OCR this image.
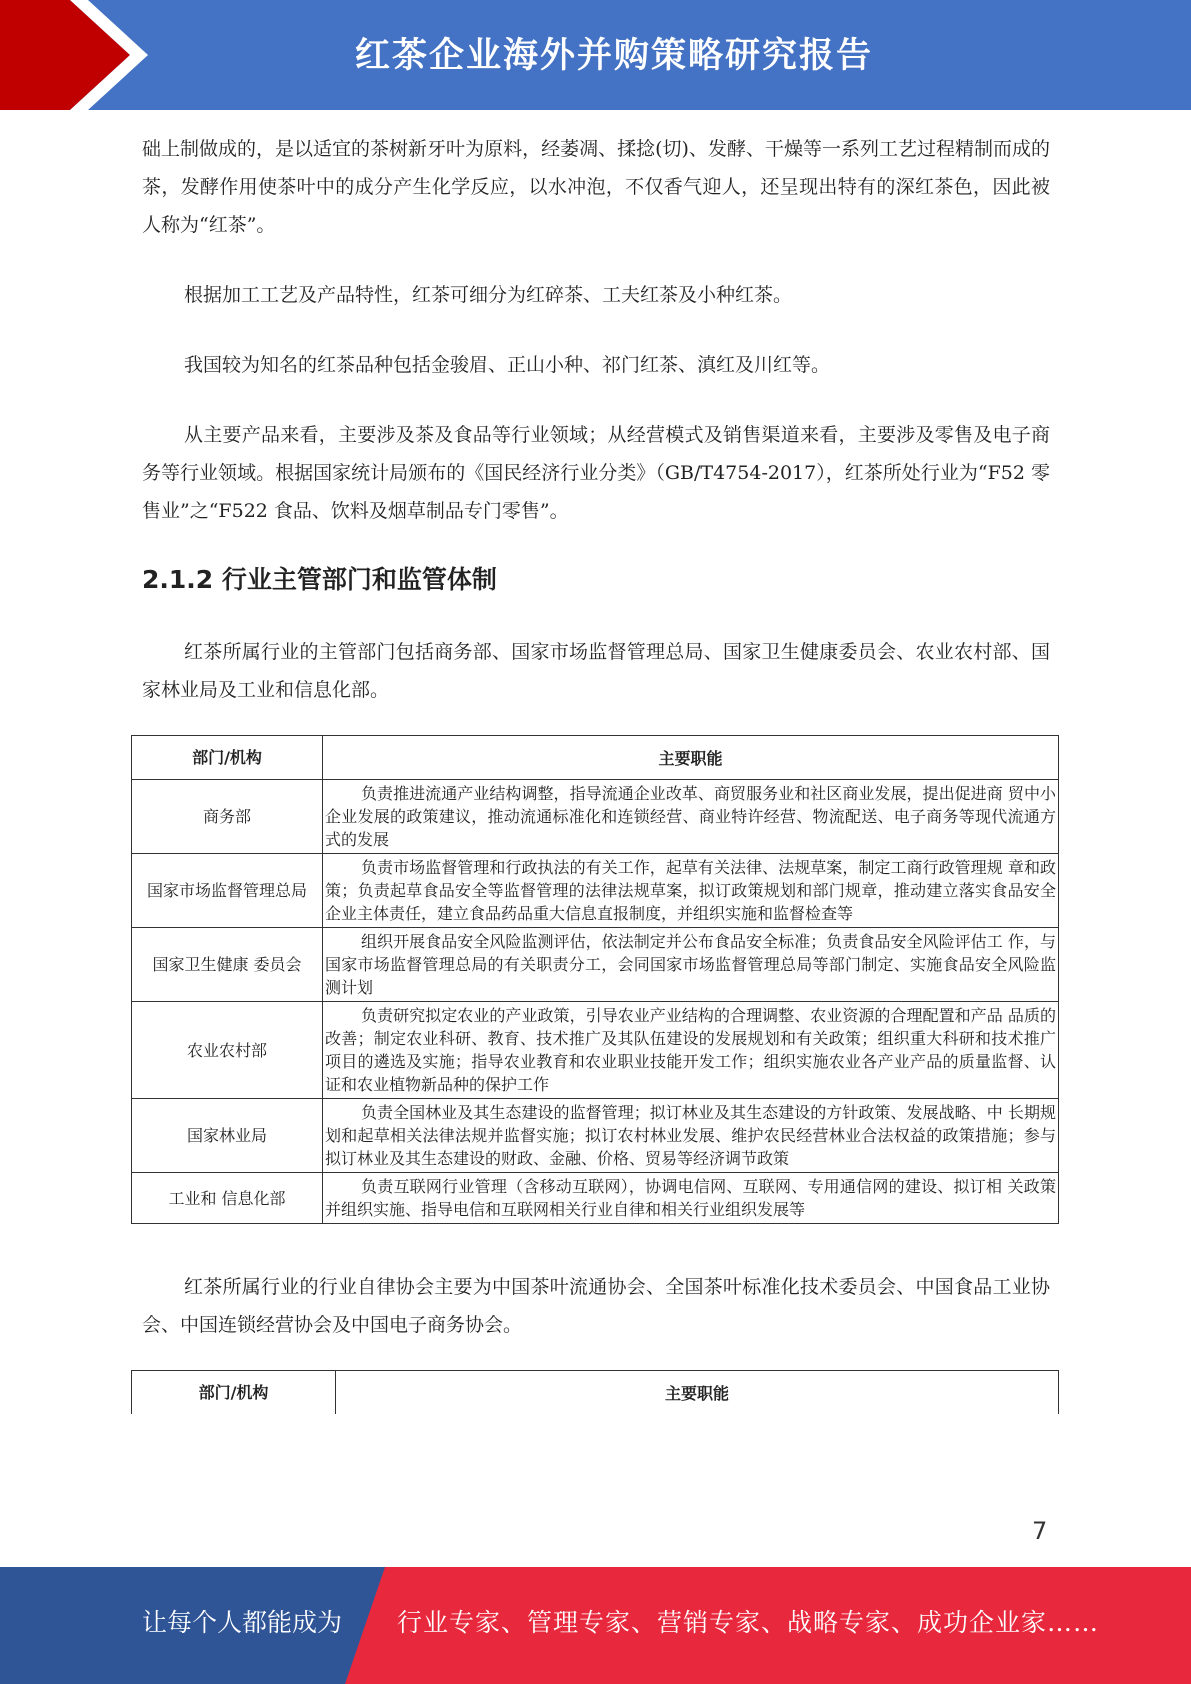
红茶企业海外并购策略研究报告

础上制做成的，是以适宜的茶树新牙叶为原料，经萎凋、揉捻(切)、发酵、干燥等一系列工艺过程精制而成的茶，发酵作用使茶叶中的成分产生化学反应，以水冲泡，不仅香气迎人，还呈现出特有的深红茶色，因此被人称为“红茶”。

根据加工工艺及产品特性，红茶可细分为红碎茶、工夫红茶及小种红茶。

我国较为知名的红茶品种包括金骏眉、正山小种、祁门红茶、滇红及川红等。

从主要产品来看，主要涉及茶及食品等行业领域；从经营模式及销售渠道来看，主要涉及零售及电子商务等行业领域。根据国家统计局颁布的《国民经济行业分类》（GB/T4754-2017），红茶所处行业为“F52 零售业”之“F522 食品、饮料及烟草制品专门零售”。

2.1.2 行业主管部门和监管体制

红茶所属行业的主管部门包括商务部、国家市场监督管理总局、国家卫生健康委员会、农业农村部、国家林业局及工业和信息化部。

部门/机构	主要职能
商务部	负责推进流通产业结构调整，指导流通企业改革、商贸服务业和社区商业发展，提出促进商 贸中小企业发展的政策建议，推动流通标准化和连锁经营、商业特许经营、物流配送、电子商务等现代流通方式的发展
国家市场监督管理总局	负责市场监督管理和行政执法的有关工作，起草有关法律、法规草案，制定工商行政管理规 章和政策；负责起草食品安全等监督管理的法律法规草案，拟订政策规划和部门规章，推动建立落实食品安全企业主体责任，建立食品药品重大信息直报制度，并组织实施和监督检查等
国家卫生健康 委员会	组织开展食品安全风险监测评估，依法制定并公布食品安全标准；负责食品安全风险评估工 作，与国家市场监督管理总局的有关职责分工，会同国家市场监督管理总局等部门制定、实施食品安全风险监测计划
农业农村部	负责研究拟定农业的产业政策，引导农业产业结构的合理调整、农业资源的合理配置和产品 品质的改善；制定农业科研、教育、技术推广及其队伍建设的发展规划和有关政策；组织重大科研和技术推广项目的遴选及实施；指导农业教育和农业职业技能开发工作；组织实施农业各产业产品的质量监督、认证和农业植物新品种的保护工作
国家林业局	负责全国林业及其生态建设的监督管理；拟订林业及其生态建设的方针政策、发展战略、中 长期规划和起草相关法律法规并监督实施；拟订农村林业发展、维护农民经营林业合法权益的政策措施；参与拟订林业及其生态建设的财政、金融、价格、贸易等经济调节政策
工业和 信息化部	负责互联网行业管理（含移动互联网），协调电信网、互联网、专用通信网的建设、拟订相 关政策并组织实施、指导电信和互联网相关行业自律和相关行业组织发展等

红茶所属行业的行业自律协会主要为中国茶叶流通协会、全国茶叶标准化技术委员会、中国食品工业协会、中国连锁经营协会及中国电子商务协会。

部门/机构	主要职能
7
让每个人都能成为 行业专家、管理专家、营销专家、战略专家、成功企业家……
